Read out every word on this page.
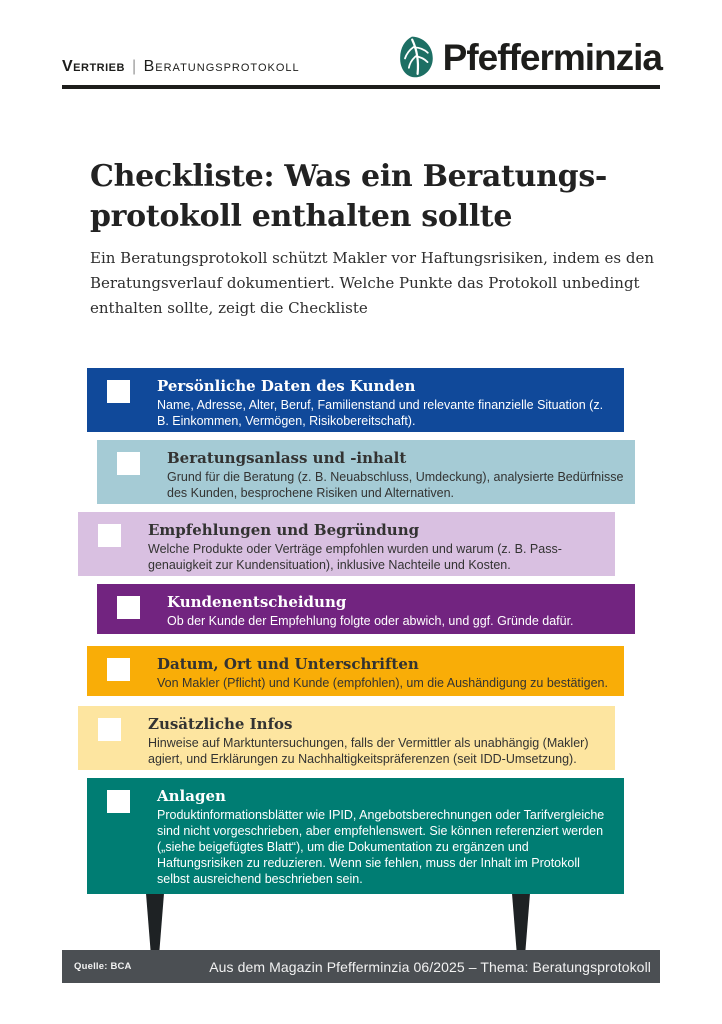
Vertrieb | Beratungsprotokoll	Pfefferminzia
Checkliste: Was ein Beratungs-
protokoll enthalten sollte

Ein Beratungsprotokoll schützt Makler vor Haftungsrisiken, indem es den Beratungsverlauf dokumentiert. Welche Punkte das Protokoll unbedingt enthalten sollte, zeigt die Checkliste

Persönliche Daten des Kunden

Name, Adresse, Alter, Beruf, Familienstand und relevante finanzielle Situation (z. B. Einkommen, Vermögen, Risikobereitschaft).

Beratungsanlass und -inhalt

Grund für die Beratung (z. B. Neuabschluss, Umdeckung), analysierte Bedürfnisse des Kunden, besprochene Risiken und Alternativen.

Empfehlungen und Begründung

Welche Produkte oder Verträge empfohlen wurden und warum (z. B. Passgenauigkeit zur Kundensituation), inklusive Nachteile und Kosten.

Kundenentscheidung

Ob der Kunde der Empfehlung folgte oder abwich, und ggf. Gründe dafür.

Datum, Ort und Unterschriften

Von Makler (Pflicht) und Kunde (empfohlen), um die Aushändigung zu bestätigen.

Zusätzliche Infos

Hinweise auf Marktuntersuchungen, falls der Vermittler als unabhängig (Makler) agiert, und Erklärungen zu Nachhaltigkeitspräferenzen (seit IDD-Umsetzung).

Anlagen

Produktinformationsblätter wie IPID, Angebotsberechnungen oder Tarifvergleiche sind nicht vorgeschrieben, aber empfehlenswert. Sie können referenziert werden („siehe beigefügtes Blatt“), um die Dokumentation zu ergänzen und Haftungsrisiken zu reduzieren. Wenn sie fehlen, muss der Inhalt im Protokoll selbst ausreichend beschrieben sein.

Quelle: BCA	Aus dem Magazin Pfefferminzia 06/2025 – Thema: Beratungsprotokoll
